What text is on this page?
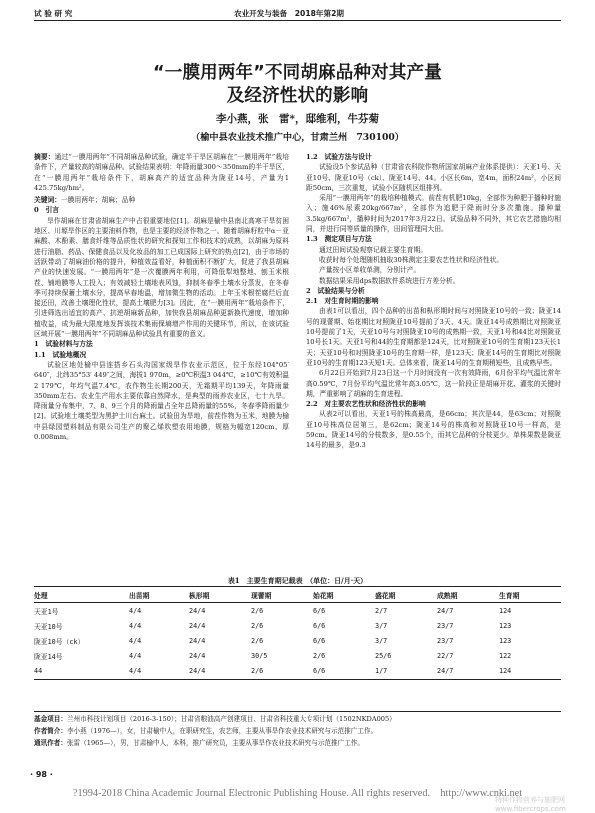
试 验 研 究	农业开发与装备　2018年第2期
“一膜用两年”不同胡麻品种对其产量
及经济性状的影响
李小燕，张　雷*，邸维利，牛芬菊
（榆中县农业技术推广中心，甘肃兰州　730100）

摘要：通过“一膜用两年”不同胡麻品种试验，确定半干旱区胡麻在“一膜用两年”栽培条件下，产量较高的胡麻品种。试验结果表明：年降雨量300～350mm的半干旱区，在“一膜用两年”栽培条件下，胡麻高产的适宜品种为陇亚14号，产量为1 425.75kg/hm²。

关键词：一膜用两年；胡麻；品种

0　引言

旱作胡麻在甘肃省胡麻生产中占很重要地位[1]。胡麻是榆中县南北高寒干旱贫困地区、川塬旱作区的主要油料作物，也是主要的经济作物之一。随着胡麻籽粒中α－亚麻酸、木酚素、膳食纤维等品质性状的研究和探知工作和技术的成熟，以胡麻为原料进行油脂、药品、保健食品以及化妆品的加工已成国际上研究的热点[2]，由于市场的活跃带动了胡麻油价格的提升，种植效益看好，种植面积不断扩大，促进了我县胡麻产业的快速发展。“一膜用两年”是一次覆膜两年利用，可降低犁地整地、刨玉米根茬、铺地膜等人工投入；有效减轻土壤地表风蚀，抑制冬春季土壤水分蒸发，在冬春季可持续保蓄土壤水分，提高早春地温，增加微生物的活动。上年玉米根茬腐烂后直接还田，改善土壤理化性状，提高土壤肥力[3]。因此，在“一膜用两年”栽培条件下，引进筛选出适宜的高产、抗逆胡麻新品种，加快我县胡麻品种更新换代速度，增加种植收益，成为最大限度地发挥该技术集雨保墒增产作用的关键环节，所以，在该试验区域开展“一膜用两年”不同胡麻品种试验具有重要的意义。

1　试验材料与方法

1.1　试验地概况

试验区地处榆中县连搭乡石头沟国家级旱作农业示范区，位于东经104°05′ 640″，北纬35°53′ 449″之间，海拔1 970m，≥0℃积温3 044℃，≥10℃有效积温2 179℃，年均气温7.4℃，农作物生长期200天，无霜期平均139天，年降雨量350mm左右。农业生产用水主要依靠自然降水，是典型的雨养农业区，七十九旱。降雨量分布集中，7、8、9三个月的降雨量占全年总降雨量的55%，冬春季降雨量少[2]。试验地土壤类型为黑护土川台麻土。试验田为旱地，前茬作物为玉米，地膜为榆中县绿园塑料制品有限公司生产的聚乙烯吹塑农用地膜，规格为幅宽120cm、厚0.008mm。

1.2　试验方法与设计

试验设5个参试品种（甘肃省农科院作物所国家胡麻产业体系提供）：天亚1号、天亚10号、陇亚10号（ck）、陇亚14号、44。小区长6m，宽4m，面积24m²，小区间距50cm，三次重复，试验小区随机区组排列。

采用“一膜用两年”的栽培种植模式。前茬有机肥10kg，全部作为种肥于播种时施入；施46%尿素20kg/667m²，全部作为追肥于降雨时分多次撒施。播种量3.5kg/667m²，播种时间为2017年3月22日。试验品种不同外，其它农艺措施均相同，并进行同等质量的操作，田间管理同大田。

1.3　测定项目与方法

通过田间试验观察记载主要生育期。

收获时每个处理随机抽取30株测定主要农艺性状和经济性状。

产量按小区单收单测，分别计产。

数据结果采用dps数据软件系统进行方差分析。

2　试验结果与分析

2.1　对生育时期的影响

由表1可以看出，四个品种的出苗和枞形期时间与对照陇亚10号的一致；陇亚14号的现蕾期、始花期比对照陇亚10号提前了3天、4天。陇亚14号成熟期比对照陇亚10号提前了1天，天亚10号与对照陇亚10号的成熟期一致，天亚1号和44比对照陇亚10号长1天。天亚1号和44的生育期都是124天，比对照陇亚10号的生育期123天长1天；天亚10号和对照陇亚10号的生育期一样，是123天；陇亚14号的生育期比对照陇亚10号的生育期123天短1天。总体来看，陇亚14号的生育期稍短些，且成熟早些。

6月22日开始到7月23日这一个月时间没有一次有效降雨，6月份平均气温比常年高0.59℃，7月份平均气温比常年高3.05℃，这一阶段正是胡麻开花、灌浆的关键时期，严重影响了胡麻的生育进程。

2.2　对主要农艺性状和经济性状的影响

从表2可以看出，天亚1号的株高最高，是66cm；其次是44，是63cm；对照陇亚10号株高位居第三，是62cm；陇亚14号的株高和对照陇亚10号一样高，是59cm。陇亚14号的分枝数多，是0.55个，而其它品种的分枝更少。单株果数是陇亚14号的最多，是9.3

表1　主要生育期记载表　（单位：日/月·天）
处理	出苗期	枞形期	现蕾期	始花期	盛花期	成熟期	生育期
天亚1号	4/4	24/4	2/6	6/6	2/7	24/7	124
天亚10号	4/4	24/4	2/6	6/6	3/7	23/7	123
陇亚10号（ck）	4/4	24/4	2/6	6/6	3/7	23/7	123
陇亚14号	4/4	24/4	30/5	2/6	25/6	22/7	122
44	4/4	24/4	2/6	6/6	1/7	24/7	124
基金项目：兰州市科技计划项目（2016-3-150）；甘肃省粮油高产创建项目、甘肃省科技重大专项计划（1502NKDA005）
作者简介：李小燕（1976—），女，甘肃榆中人，在职研究生，农艺师，主要从事旱作农业技术研究与示范推广工作。
通讯作者：张雷（1965—），男，甘肃榆中人，本科，推广研究员，主要从事旱作农业技术研究与示范推广工作。
· 98 ·
?1994-2018 China Academic Journal Electronic Publishing House. All rights reserved.　http://www.cnki.net
特种作物营养与施肥网 www.fibercrops.com
